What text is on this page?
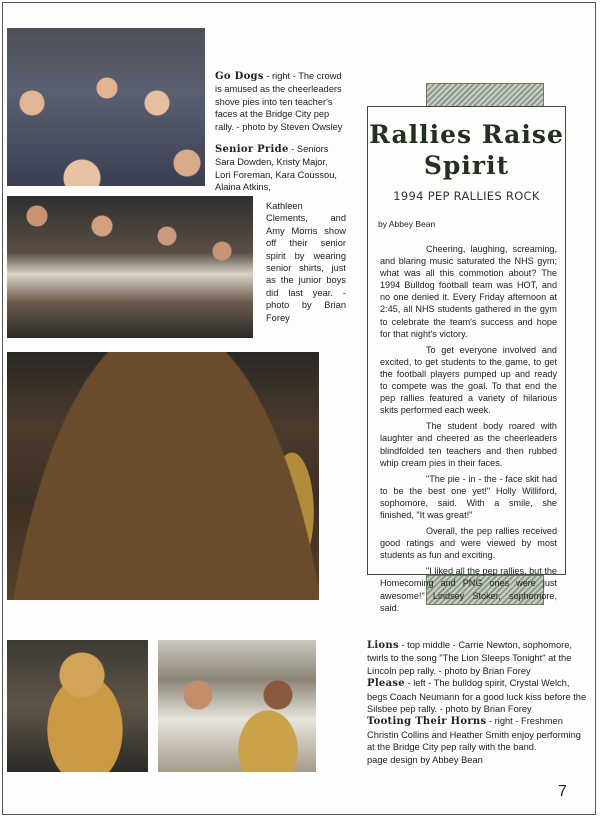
Go Dogs - right - The crowd is amused as the cheerleaders shove pies into ten teacher's faces at the Bridge City pep rally. - photo by Steven Owsley
Senior Pride - Seniors Sara Dowden, Kristy Major, Lori Foreman, Kara Coussou, Alaina Atkins,
Kathleen Clements, and Amy Morris show off their senior spirit by wearing senior shirts, just as the junior boys did last year. - photo by Brian Forey
Rallies Raise
Spirit
1994 PEP RALLIES ROCK
by Abbey Bean

Cheering, laughing, screaming, and blaring music saturated the NHS gym; what was all this commotion about? The 1994 Bulldog football team was HOT, and no one denied it. Every Friday afternoon at 2:45, all NHS students gathered in the gym to celebrate the team's success and hope for that night's victory.

To get everyone involved and excited, to get students to the game, to get the football players pumped up and ready to compete was the goal. To that end the pep rallies featured a variety of hilarious skits performed each week.

The student body roared with laughter and cheered as the cheerleaders blindfolded ten teachers and then rubbed whip cream pies in their faces.

"The pie - in - the - face skit had to be the best one yet!" Holly Williford, sophomore, said. With a smile, she finished, "It was great!"

Overall, the pep rallies received good ratings and were viewed by most students as fun and exciting.

"I liked all the pep rallies, but the Homecoming and PNG ones were just awesome!" Lindsey Stoker, sophomore, said.

Lions - top middle - Carrie Newton, sophomore, twirls to the song "The Lion Sleeps Tonight" at the Lincoln pep rally. - photo by Brian Forey
Please - left - The bulldog spirit, Crystal Welch, begs Coach Neumann for a good luck kiss before the Silsbee pep rally. - photo by Brian Forey
Tooting Their Horns - right - Freshmen Christin Collins and Heather Smith enjoy performing at the Bridge City pep rally with the band.
page design by Abbey Bean
7
